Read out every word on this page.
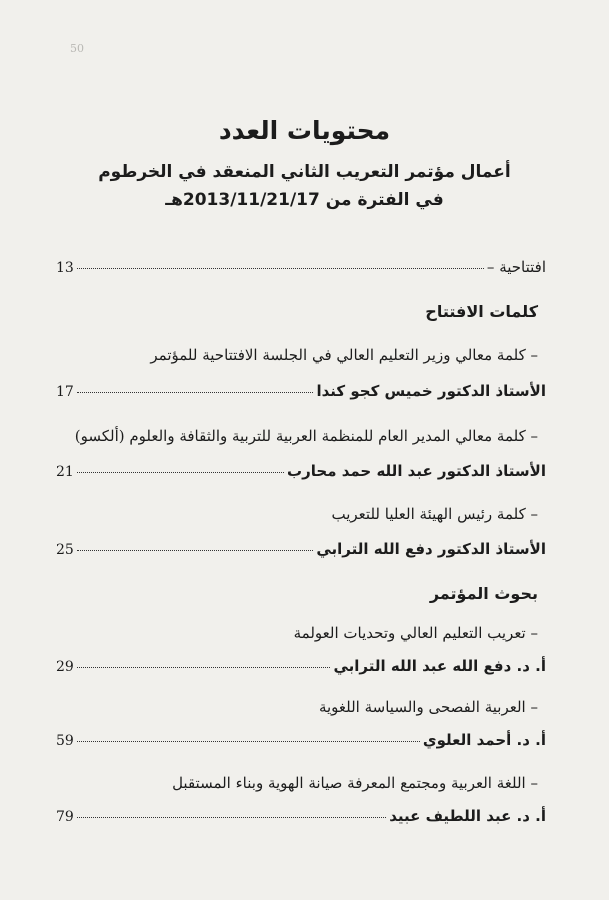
50
محتويات العدد
أعمال مؤتمر التعريب الثاني المنعقد في الخرطوم
في الفترة من 2013/11/21/17هـ
– افتتاحية
13
كلمات الافتتاح

– كلمة معالي وزير التعليم العالي في الجلسة الافتتاحية للمؤتمر

الأستاذ الدكتور خميس كجو كندا
17

– كلمة معالي المدير العام للمنظمة العربية للتربية والثقافة والعلوم (ألكسو)

الأستاذ الدكتور عبد الله حمد محارب
21

– كلمة رئيس الهيئة العليا للتعريب

الأستاذ الدكتور دفع الله الترابي
25
بحوث المؤتمر

– تعريب التعليم العالي وتحديات العولمة

أ. د. دفع الله عبد الله الترابي
29

– العربية الفصحى والسياسة اللغوية

أ. د. أحمد العلوي
59

– اللغة العربية ومجتمع المعرفة صيانة الهوية وبناء المستقبل

أ. د. عبد اللطيف عبيد
79
